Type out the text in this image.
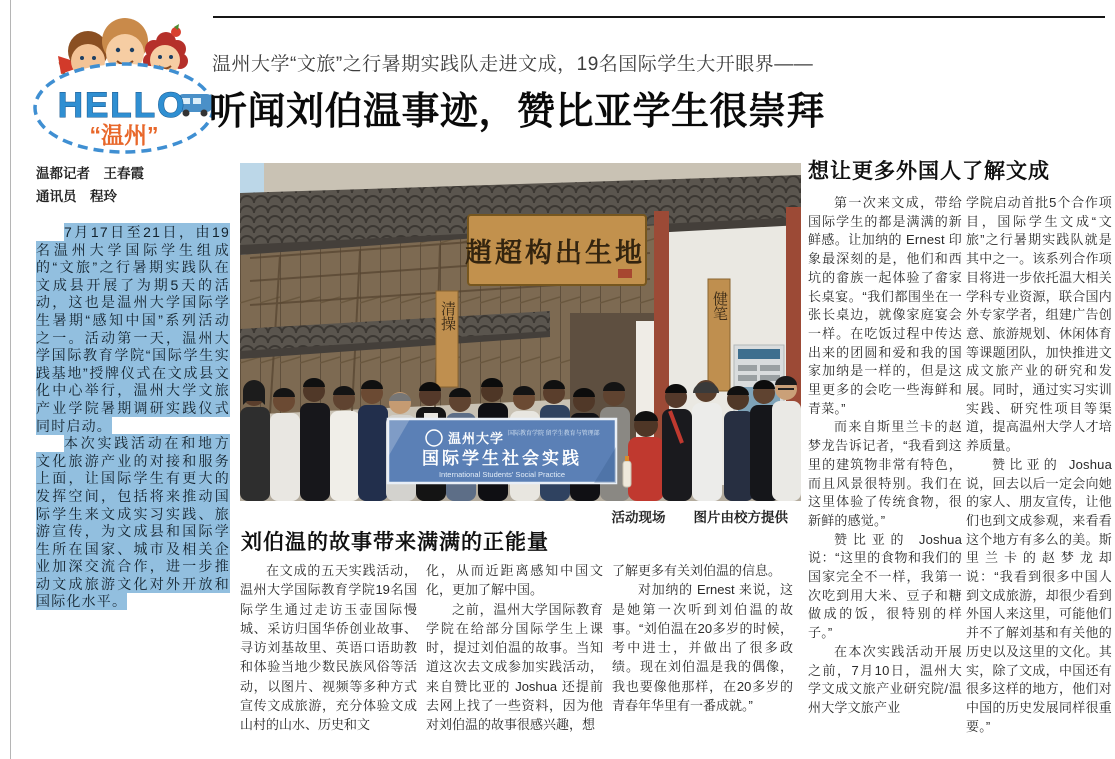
HELLO
“温州”
温州大学“文旅”之行暑期实践队走进文成，19名国际学生大开眼界——
听闻刘伯温事迹，赞比亚学生很崇拜
温都记者　王春霞
通讯员　程玲

7月17日至21日，由19名温州大学国际学生组成的“文旅”之行暑期实践队在文成县开展了为期5天的活动，这也是温州大学国际学生暑期“感知中国”系列活动之一。活动第一天，温州大学国际教育学院“国际学生实践基地”授牌仪式在文成县文化中心举行，温州大学文旅产业学院暑期调研实践仪式同时启动。

本次实践活动在和地方文化旅游产业的对接和服务上面，让国际学生有更大的发挥空间，包括将来推动国际学生来文成实习实践、旅游宣传，为文成县和国际学生所在国家、城市及相关企业加深交流合作，进一步推动文成旅游文化对外开放和国际化水平。

趙超构出生地
清操	健笔
温州大学 国际教育学院 留学生教育与管理部
国际学生社会实践
International Students' Social Practice
活动现场 图片由校方提供
刘伯温的故事带来满满的正能量

在文成的五天实践活动，温州大学国际教育学院19名国际学生通过走访玉壶国际慢城、采访归国华侨创业故事、寻访刘基故里、英语口语助教和体验当地少数民族风俗等活动，以图片、视频等多种方式宣传文成旅游，充分体验文成山村的山水、历史和文

化，从而近距离感知中国文化，更加了解中国。

之前，温州大学国际教育学院在给部分国际学生上课时，提过刘伯温的故事。当知道这次去文成参加实践活动，来自赞比亚的 Joshua 还提前去网上找了一些资料，因为他对刘伯温的故事很感兴趣，想

了解更多有关刘伯温的信息。

对加纳的 Ernest 来说，这是她第一次听到刘伯温的故事。“刘伯温在20多岁的时候，考中进士，并做出了很多政绩。现在刘伯温是我的偶像，我也要像他那样，在20多岁的青春年华里有一番成就。”

想让更多外国人了解文成

第一次来文成，带给国际学生的都是满满的新鲜感。让加纳的 Ernest 印象最深刻的是，他们和西坑的畲族一起体验了畲家长桌宴。“我们都围坐在一张长桌边，就像家庭宴会一样。在吃饭过程中传达出来的团圆和爱和我的国家加纳是一样的，但是这里更多的会吃一些海鲜和青菜。”

而来自斯里兰卡的赵梦龙告诉记者，“我看到这里的建筑物非常有特色，而且风景很特别。我们在这里体验了传统食物，很新鲜的感觉。”

赞比亚的 Joshua 说：“这里的食物和我们的国家完全不一样，我第一次吃到用大米、豆子和糖做成的饭，很特别的样子。”

在本次实践活动开展之前，7月10日，温州大学文成文旅产业研究院/温州大学文旅产业

学院启动首批5个合作项目，国际学生文成“文旅”之行暑期实践队就是其中之一。该系列合作项目将进一步依托温大相关学科专业资源，联合国内外专家学者，组建广告创意、旅游规划、休闲体育等课题团队，加快推进文成文旅产业的研究和发展。同时，通过实习实训实践、研究性项目等渠道，提高温州大学人才培养质量。

赞比亚的 Joshua 说，回去以后一定会向她的家人、朋友宣传，让他们也到文成参观，来看看这个地方有多么的美。斯里兰卡的赵梦龙却说：“我看到很多中国人到文成旅游，却很少看到外国人来这里，可能他们并不了解刘基和有关他的历史以及这里的文化。其实，除了文成，中国还有很多这样的地方，他们对中国的历史发展同样很重要。”
